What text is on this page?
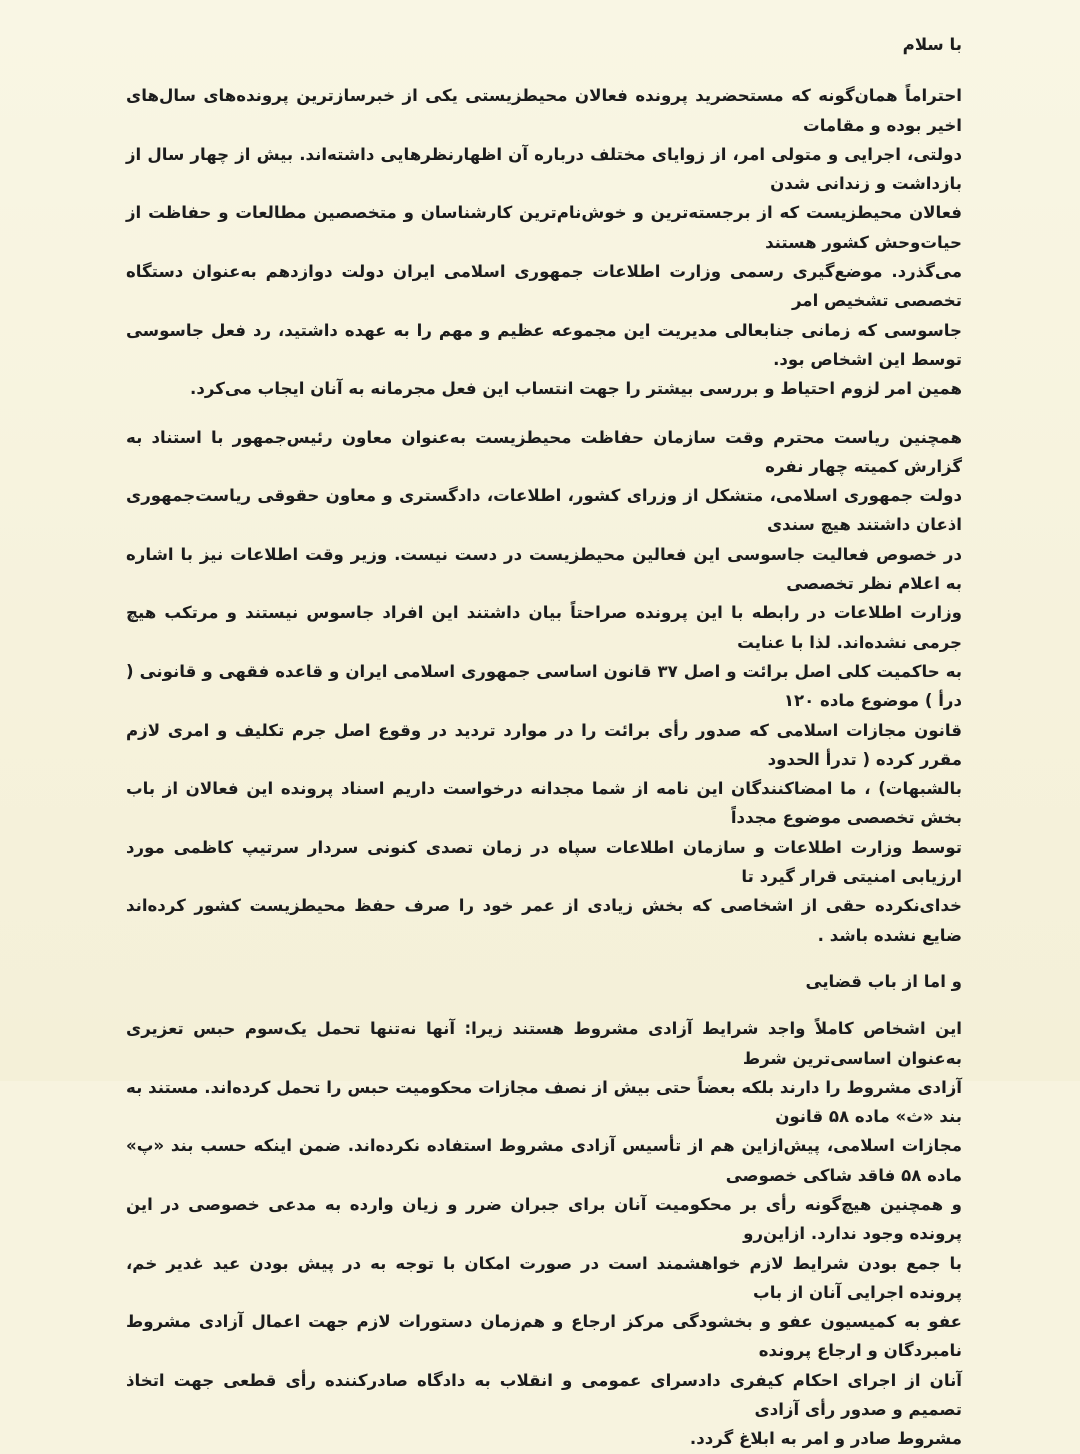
با سلام

احتراماً همان‌گونه که مستحضرید پرونده فعالان محیطزیستی یکی از خبرسازترین پرونده‌های سال‌های اخیر بوده و مقامات

دولتی، اجرایی و متولی امر، از زوایای مختلف درباره آن اظهارنظرهایی داشته‌اند. بیش از چهار سال از بازداشت و زندانی شدن

فعالان محیطزیست که از برجسته‌ترین و خوش‌نام‌ترین کارشناسان و متخصصین مطالعات و حفاظت از حیات‌وحش کشور هستند

می‌گذرد. موضع‌گیری رسمی وزارت اطلاعات جمهوری اسلامی ایران دولت دوازدهم به‌عنوان دستگاه تخصصی تشخیص امر

جاسوسی که زمانی جنابعالی مدیریت این مجموعه عظیم و مهم را به عهده داشتید، رد فعل جاسوسی توسط این اشخاص بود.

همین امر لزوم احتیاط و بررسی بیشتر را جهت انتساب این فعل مجرمانه به آنان ایجاب می‌کرد.

همچنین ریاست محترم وقت سازمان حفاظت محیطزیست به‌عنوان معاون رئیس‌جمهور با استناد به گزارش کمیته چهار نفره

دولت جمهوری اسلامی، متشکل از وزرای کشور، اطلاعات، دادگستری و معاون حقوقی ریاست‌جمهوری اذعان داشتند هیچ سندی

در خصوص فعالیت جاسوسی این فعالین محیطزیست در دست نیست. وزیر وقت اطلاعات نیز با اشاره به اعلام نظر تخصصی

وزارت اطلاعات در رابطه با این پرونده صراحتاً بیان داشتند این افراد جاسوس نیستند و مرتکب هیچ جرمی نشده‌اند. لذا با عنایت

به حاکمیت کلی اصل برائت و اصل ۳۷ قانون اساسی جمهوری اسلامی ایران و قاعده فقهی و قانونی ( درأ ) موضوع ماده ۱۲۰

قانون مجازات اسلامی که صدور رأی برائت را در موارد تردید در وقوع اصل جرم تکلیف و امری لازم مقرر کرده ( تدرأ الحدود

بالشبهات) ، ما امضاکنندگان این نامه از شما مجدانه درخواست داریم اسناد پرونده این فعالان از باب بخش تخصصی موضوع مجدداً

توسط وزارت اطلاعات و سازمان اطلاعات سپاه در زمان تصدی کنونی سردار سرتیپ کاظمی مورد ارزیابی امنیتی قرار گیرد تا

خدای‌نکرده حقی از اشخاصی که بخش زیادی از عمر خود را صرف حفظ محیطزیست کشور کرده‌اند ضایع نشده باشد .

و اما از باب قضایی

این اشخاص کاملاً واجد شرایط آزادی مشروط هستند زیرا: آنها نه‌تنها تحمل یک‌سوم حبس تعزیری به‌عنوان اساسی‌ترین شرط

آزادی مشروط را دارند بلکه بعضاً حتی بیش از نصف مجازات محکومیت حبس را تحمل کرده‌اند. مستند به بند «ث» ماده ۵۸ قانون

مجازات اسلامی، پیش‌ازاین هم از تأسیس آزادی مشروط استفاده نکرده‌اند. ضمن اینکه حسب بند «پ» ماده ۵۸ فاقد شاکی خصوصی

و همچنین هیچ‌گونه رأی بر محکومیت آنان برای جبران ضرر و زیان وارده به مدعی خصوصی در این پرونده وجود ندارد. ازاین‌رو

با جمع بودن شرایط لازم خواهشمند است در صورت امکان با توجه به در پیش بودن عید غدیر خم، پرونده اجرایی آنان از باب

عفو به کمیسیون عفو و بخشودگی مرکز ارجاع و هم‌زمان دستورات لازم جهت اعمال آزادی مشروط نامبردگان و ارجاع پرونده

آنان از اجرای احکام کیفری دادسرای عمومی و انقلاب به دادگاه صادرکننده رأی قطعی جهت اتخاذ تصمیم و صدور رأی آزادی

مشروط صادر و امر به ابلاغ گردد.
